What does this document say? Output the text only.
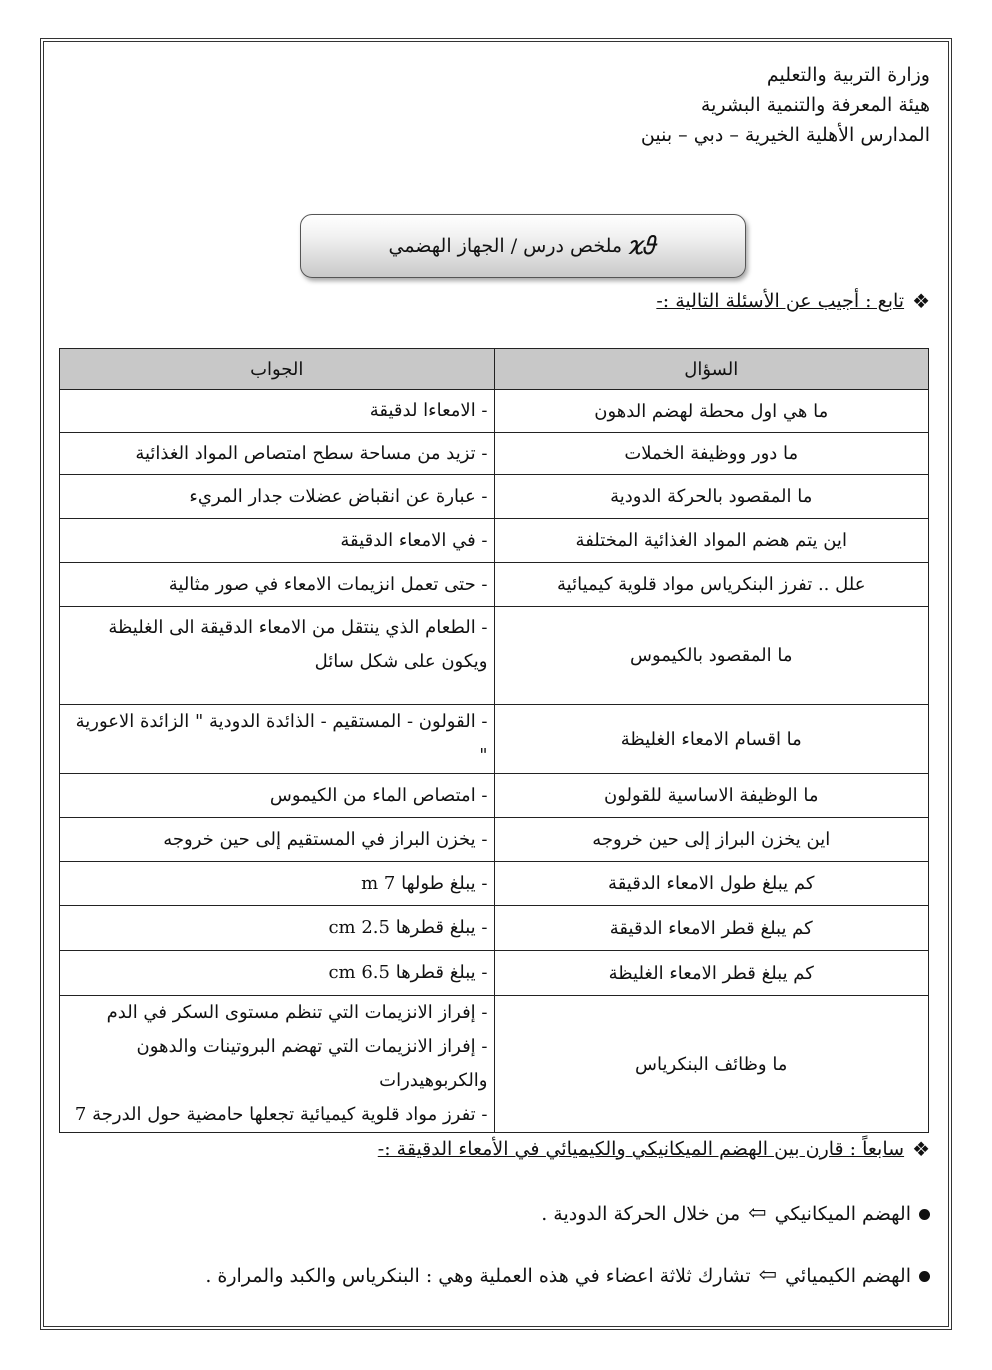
وزارة التربية والتعليم
هيئة المعرفة والتنمية البشرية
المدارس الأهلية الخيرية – دبي – بنين
𝜘𝜗
ملخص درس / الجهاز الهضمي
❖
تابع : أجيب عن الأسئلة التالية :-
السؤال	الجواب
ما هي اول محطة لهضم الدهون	- الامعاءا لدقيقة
ما دور ووظيفة الخملات	- تزيد من مساحة سطح امتصاص المواد الغذائية
ما المقصود بالحركة الدودية	- عبارة عن انقباض عضلات جدار المريء
اين يتم هضم المواد الغذائية المختلفة	- في الامعاء الدقيقة
علل .. تفرز البنكرياس مواد قلوية كيميائية	- حتى تعمل انزيمات الامعاء في صور مثالية
ما المقصود بالكيموس	- الطعام الذي ينتقل من الامعاء الدقيقة الى الغليظة ويكون على شكل سائل
ما اقسام الامعاء الغليظة	- القولون - المستقيم - الذائدة الدودية " الزائدة الاعورية "
ما الوظيفة الاساسية للقولون	- امتصاص الماء من الكيموس
اين يخزن البراز إلى حين خروجه	- يخزن البراز في المستقيم إلى حين خروجه
كم يبلغ طول الامعاء الدقيقة	- يبلغ طولها 7 m
كم يبلغ قطر الامعاء الدقيقة	- يبلغ قطرها 2.5 cm
كم يبلغ قطر الامعاء الغليظة	- يبلغ قطرها 6.5 cm
ما وظائف البنكرياس	- إفراز الانزيمات التي تنظم مستوى السكر في الدم
- إفراز الانزيمات التي تهضم البروتينات والدهون والكربوهيدرات
- تفرز مواد قلوية كيميائية تجعلها حامضية حول الدرجة 7
❖
سابعاً : قارن بين الهضم الميكانيكي والكيميائي في الأمعاء الدقيقة :-
الهضم الميكانيكي
⇦
من خلال الحركة الدودية .
الهضم الكيميائي
⇦
تشارك ثلاثة اعضاء في هذه العملية وهي : البنكرياس والكبد والمرارة .
